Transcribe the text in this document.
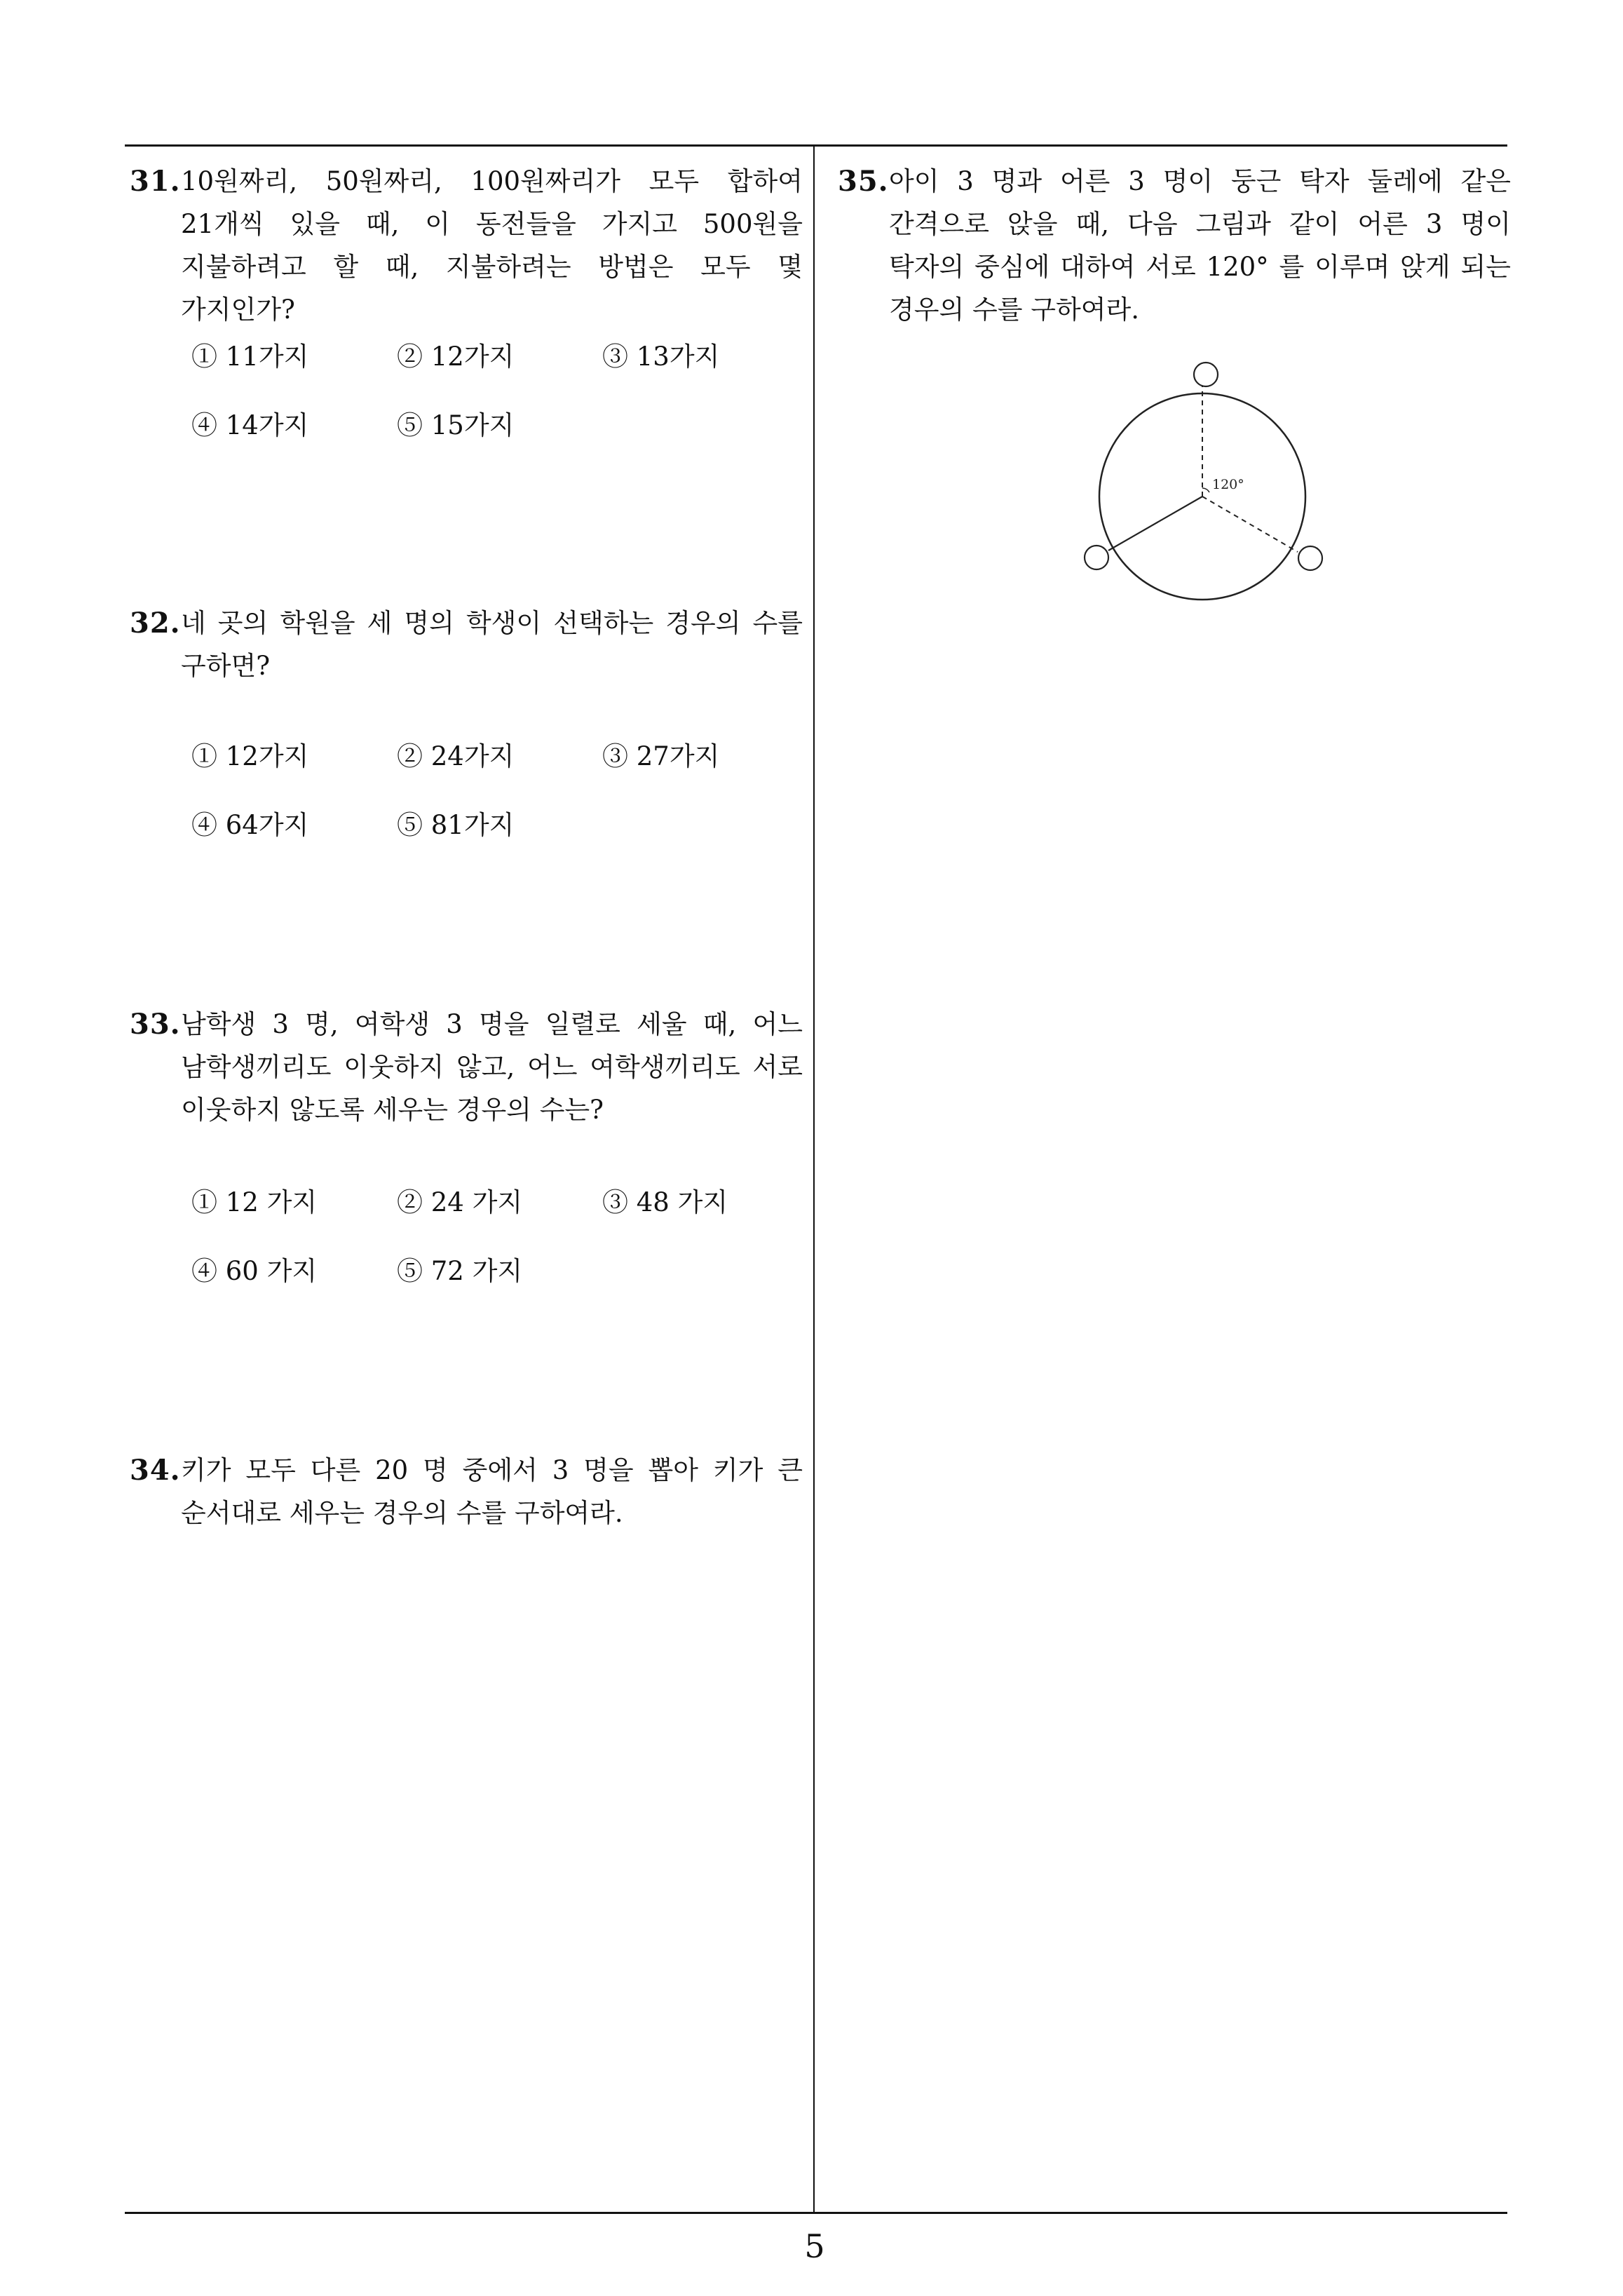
31. 10원짜리, 50원짜리, 100원짜리가 모두 합하여 21개씩 있을 때, 이 동전들을 가지고 500원을 지불하려고 할 때, 지불하려는 방법은 모두 몇 가지인가?
① 11가지	② 12가지	③ 13가지
④ 14가지	⑤ 15가지
32. 네 곳의 학원을 세 명의 학생이 선택하는 경우의 수를 구하면?
① 12가지	② 24가지	③ 27가지
④ 64가지	⑤ 81가지
33. 남학생 3 명, 여학생 3 명을 일렬로 세울 때, 어느 남학생끼리도 이웃하지 않고, 어느 여학생끼리도 서로 이웃하지 않도록 세우는 경우의 수는?
① 12 가지	② 24 가지	③ 48 가지
④ 60 가지	⑤ 72 가지
34. 키가 모두 다른 20 명 중에서 3 명을 뽑아 키가 큰 순서대로 세우는 경우의 수를 구하여라.
35. 아이 3 명과 어른 3 명이 둥근 탁자 둘레에 같은 간격으로 앉을 때, 다음 그림과 같이 어른 3 명이 탁자의 중심에 대하여 서로 120° 를 이루며 앉게 되는 경우의 수를 구하여라.
120°
5
